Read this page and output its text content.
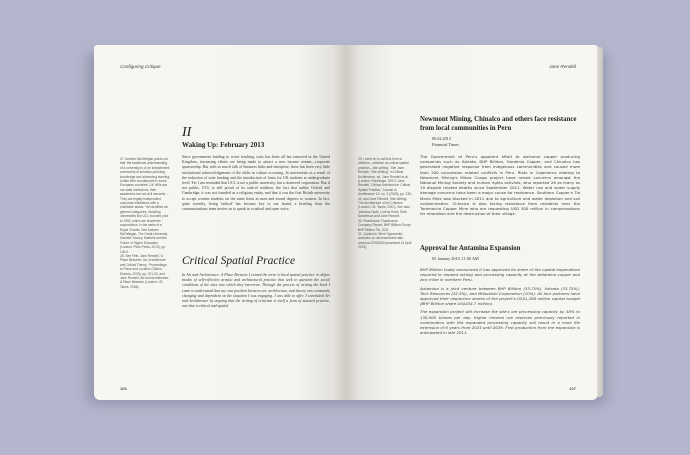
Configuring Critique
27. Andrew McGettigan points out that 'the traditional understanding of a university is of an independent community of scholars pursuing knowledge and advancing learning. Unlike their counterparts in some European countries, UK HEIs are not state institutions, their academics are not civil servants ... They are legally independent corporate institutions with a charitable status.' He identifies six general categories, including universities like UCL founded prior to 1992, which are chartered corporations. In the wake of a Royal Charter. See Andrew McGettigan, The Great University Gamble: Money, Markets and the Future of Higher Education (London: Pluto Press, 2013), pp. 126-9.
28. See Firth, Jane Rendell, 'A Place Between: Art, Architecture and Critical Theory,' Proceedings to Place and Location (Tallinn, Estonia, 2003), pp. 221-33; and Jane Rendell, Art and Architecture: A Place Between (London: I.B. Tauris, 2006).
II
Waking Up: February 2013
Since government funding to cover teaching costs has been all but removed in the United Kingdom, increasing efforts are being made to attract a new income stream—corporate sponsorship. But with so much talk of business links and enterprise, there has been very little institutional acknowledgement of the shifts in culture occurring. In universities as a result of the reduction of state funding and the introduction of loans for UK students at undergraduate level. Yet I am reminded that UCL is not a public university, but a chartered corporation. But if not public, UCL is still proud of its radical tradition, the fact that unlike Oxford and Cambridge, it was not founded as a religious entity, and that it was the first British university to accept women students on the same basis as men and award degrees to women. In fact, quite recently, being 'radical' has become key to our brand; a briefing from the communications team invites us to speak in a radical and open voice.
Critical Spatial Practice
In Art and Architecture: A Place Between I coined the term 'critical spatial practice' to define modes of self-reflective artistic and architectural practice that seek to question the social conditions of the sites into which they intervene. Through the process of writing the book I came to understand that my own position between art, architecture, and theory was constantly changing and dependent on the situation I was engaging. I was able to offer. I concluded Art and Architecture by arguing that the writing of criticism is itself a form of situated practice, one that is ethical and spatial.
106
Jane Rendell
29. I went on to call this form of criticism—criticism as critical spatial practice—'site-writing'. See Jane Rendell, 'Site-Writing,' in Critical Architecture, ed. Jane Rendell et al. (London: Routledge, 2007); Jane Rendell, 'Critical Architecture: Critical Spatial Practice,' Journal of Architecture 10, no. 3 (2005), pp. 235-42; and Jane Rendell, Site-Writing: The Architecture of Art Criticism (London: I.B. Tauris, 2010). See also Johanna Hyde, Lorens Holm, Ruth Sanderson and Jane Rendell.
30. Roadhouse, Roadhouse Company Report, BHP Billiton Group: BHP Billiton Plc, 2011.
31. Quoted in 'Mine Opponents', www.bbc.co.uk/news/world-latin-america-22915000 [accessed 14 April 2013].
Newmont Mining, Chinalco and others face resistance from local communities in Peru
06.02.2013
Financial Times
The Government of Peru's apparent effort to welcome copper producing companies such as Xstrata, BHP Billiton, Gardenia Copper, and Chinalco has generated negative response from indigenous communities and caused more than 200 concession related conflicts in Peru. Riots in Cajamarca relating to Newmont Mining's Minas Conga project have raised concerns amongst the National Mining Society and human rights activists, who reported 26 as many as 19 dispute related deaths since September 2011. Water use and water supply damage concerns have been a major cause for resistance. Southern Copper's Tia Maria Mine was blocked in 2011 due to agriculture and water depletion and soil contamination. Chinalco is also facing resistance from residents near the Toromocho Copper Mine who are requesting USD 300 million in compensations for relocation and the destruction of their village.
Approval for Antamina Expansion
05 January 2010, 11:00 AM

BHP Billiton today announced it has approved its share of the capital expenditure required to expand mining and processing capacity at the Antamina copper and zinc mine in northern Peru.

Antamina is a joint venture between BHP Billiton (33.75%), Xstrata (33.75%), Teck Resources (22.5%), and Mitsubishi Corporation (10%). All four partners have approved their respective shares of the project's US$1,288 million capital budget (BHP Billiton share US$434.7 million).

The expansion project will increase the site's ore processing capacity by 38% to 130,000 tonnes per day. Higher mineral ore reserves previously reported in combination with the expanded processing capacity will result in a mine life extension of 6 years from 2023 until 2029. First production from the expansion is anticipated in late 2011.

107
